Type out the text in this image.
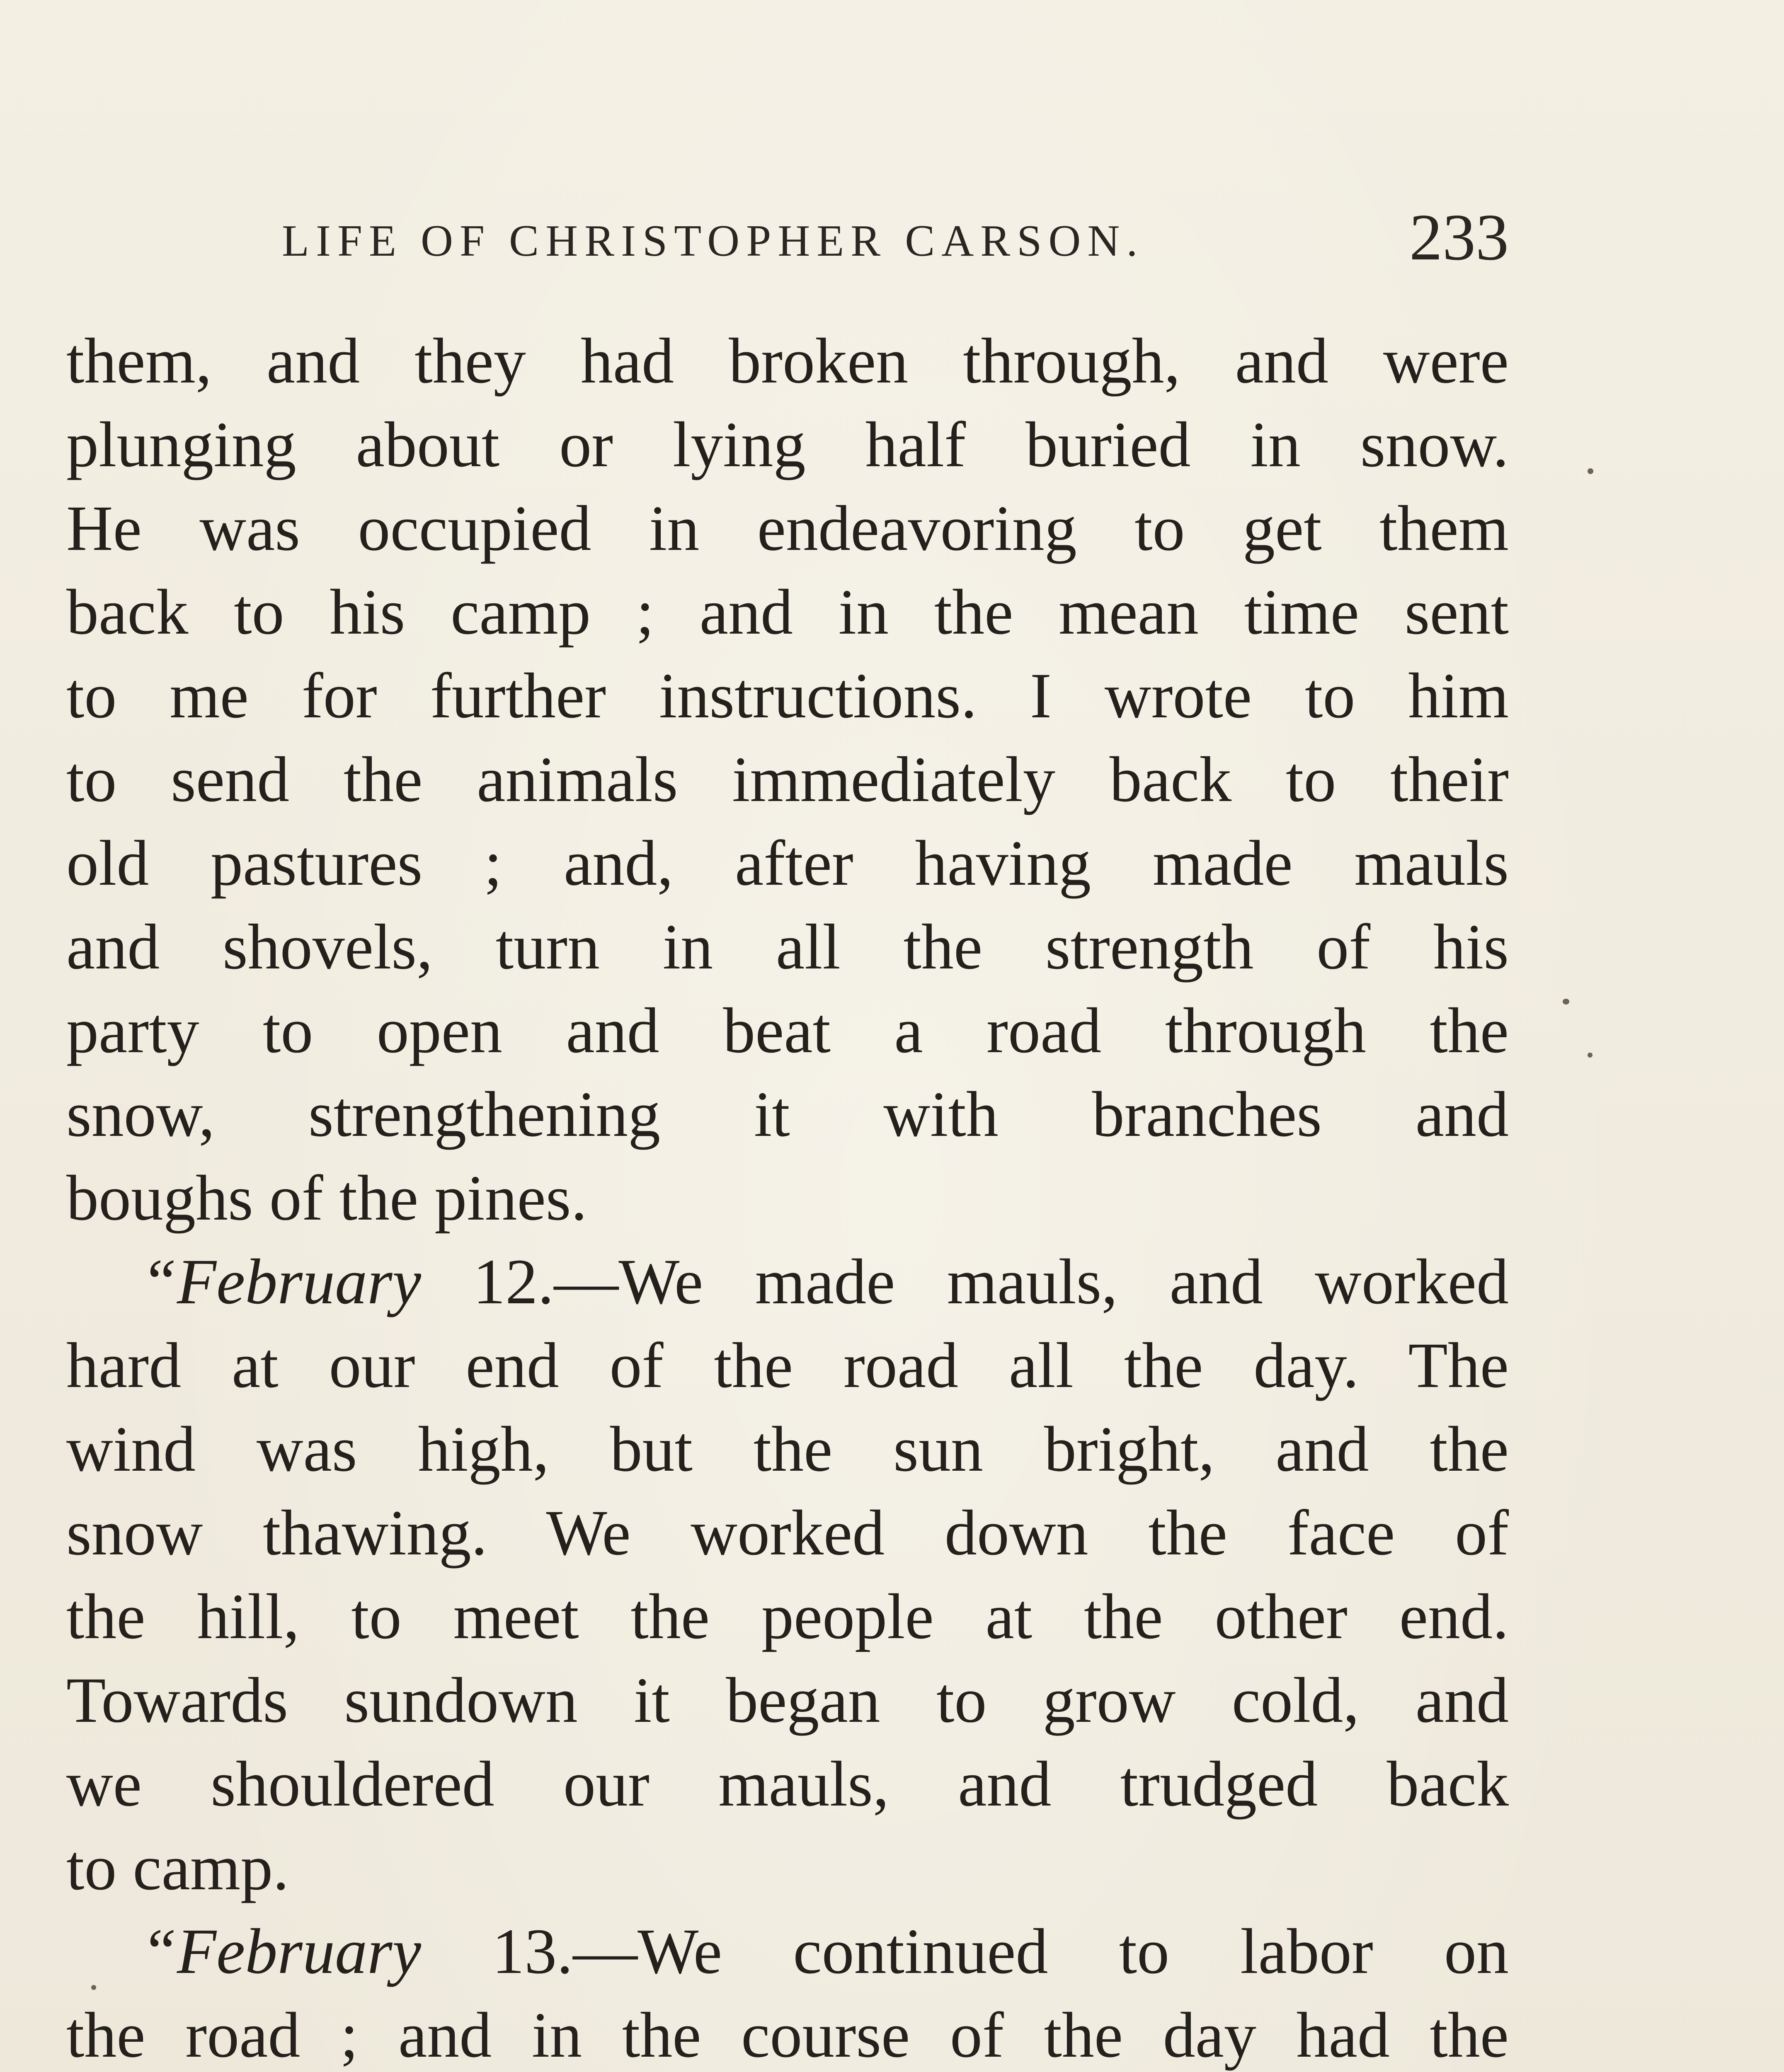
LIFE OF CHRISTOPHER CARSON.	233
them, and they had broken through, and were
plunging about or lying half buried in snow.
He was occupied in endeavoring to get them
back to his camp ; and in the mean time sent
to me for further instructions. I wrote to him
to send the animals immediately back to their
old pastures ; and, after having made mauls
and shovels, turn in all the strength of his
party to open and beat a road through the
snow, strengthening it with branches and
boughs of the pines.
“February 12.—We made mauls, and worked
hard at our end of the road all the day. The
wind was high, but the sun bright, and the
snow thawing. We worked down the face of
the hill, to meet the people at the other end.
Towards sundown it began to grow cold, and
we shouldered our mauls, and trudged back
to camp.
“February 13.—We continued to labor on
the road ; and in the course of the day had the
